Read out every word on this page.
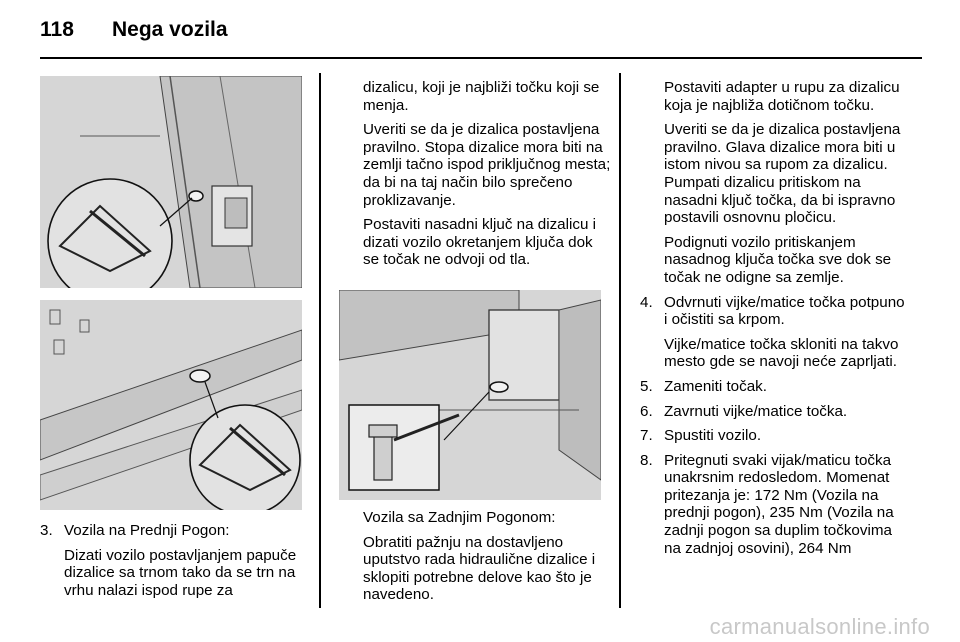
118 Nega vozila
3. Vozila na Prednji Pogon:

Dizati vozilo postavljanjem papuče dizalice sa trnom tako da se trn na vrhu nalazi ispod rupe za

dizalicu, koji je najbliži točku koji se menja.

Uveriti se da je dizalica postavljena pravilno. Stopa dizalice mora biti na zemlji tačno ispod priključnog mesta; da bi na taj način bilo sprečeno proklizavanje.

Postaviti nasadni ključ na dizalicu i dizati vozilo okretanjem ključa dok se točak ne odvoji od tla.

Vozila sa Zadnjim Pogonom:

Obratiti pažnju na dostavljeno uputstvo rada hidraulične dizalice i sklopiti potrebne delove kao što je navedeno.

Postaviti adapter u rupu za dizalicu koja je najbliža dotičnom točku.

Uveriti se da je dizalica postavljena pravilno. Glava dizalice mora biti u istom nivou sa rupom za dizalicu. Pumpati dizalicu pritiskom na nasadni ključ točka, da bi ispravno postavili osnovnu pločicu.

Podignuti vozilo pritiskanjem nasadnog ključa točka sve dok se točak ne odigne sa zemlje.

4. Odvrnuti vijke/matice točka potpuno i očistiti sa krpom.

Vijke/matice točka skloniti na takvo mesto gde se navoji neće zaprljati.

5. Zameniti točak.

6. Zavrnuti vijke/matice točka.

7. Spustiti vozilo.

8. Pritegnuti svaki vijak/maticu točka unakrsnim redosledom. Momenat pritezanja je: 172 Nm (Vozila na prednji pogon), 235 Nm (Vozila na zadnji pogon sa duplim točkovima na zadnjoj osovini), 264 Nm

carmanualsonline.info
